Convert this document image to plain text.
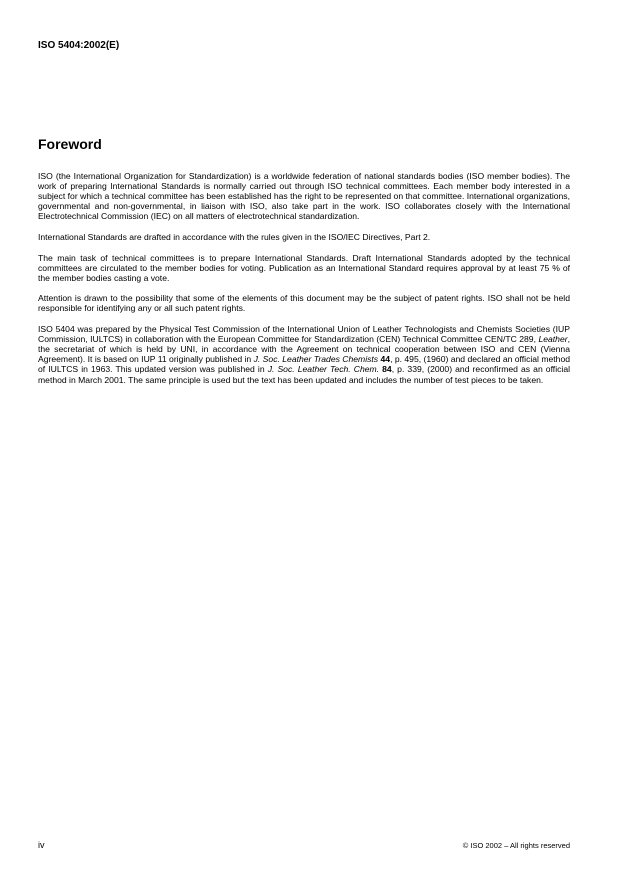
ISO 5404:2002(E)
Foreword

ISO (the International Organization for Standardization) is a worldwide federation of national standards bodies (ISO member bodies). The work of preparing International Standards is normally carried out through ISO technical committees. Each member body interested in a subject for which a technical committee has been established has the right to be represented on that committee. International organizations, governmental and non-governmental, in liaison with ISO, also take part in the work. ISO collaborates closely with the International Electrotechnical Commission (IEC) on all matters of electrotechnical standardization.

International Standards are drafted in accordance with the rules given in the ISO/IEC Directives, Part 2.

The main task of technical committees is to prepare International Standards. Draft International Standards adopted by the technical committees are circulated to the member bodies for voting. Publication as an International Standard requires approval by at least 75 % of the member bodies casting a vote.

Attention is drawn to the possibility that some of the elements of this document may be the subject of patent rights. ISO shall not be held responsible for identifying any or all such patent rights.

ISO 5404 was prepared by the Physical Test Commission of the International Union of Leather Technologists and Chemists Societies (IUP Commission, IULTCS) in collaboration with the European Committee for Standardization (CEN) Technical Committee CEN/TC 289, Leather, the secretariat of which is held by UNI, in accordance with the Agreement on technical cooperation between ISO and CEN (Vienna Agreement). It is based on IUP 11 originally published in J. Soc. Leather Trades Chemists 44, p. 495, (1960) and declared an official method of IULTCS in 1963. This updated version was published in J. Soc. Leather Tech. Chem. 84, p. 339, (2000) and reconfirmed as an official method in March 2001. The same principle is used but the text has been updated and includes the number of test pieces to be taken.

iv	© ISO 2002 – All rights reserved
